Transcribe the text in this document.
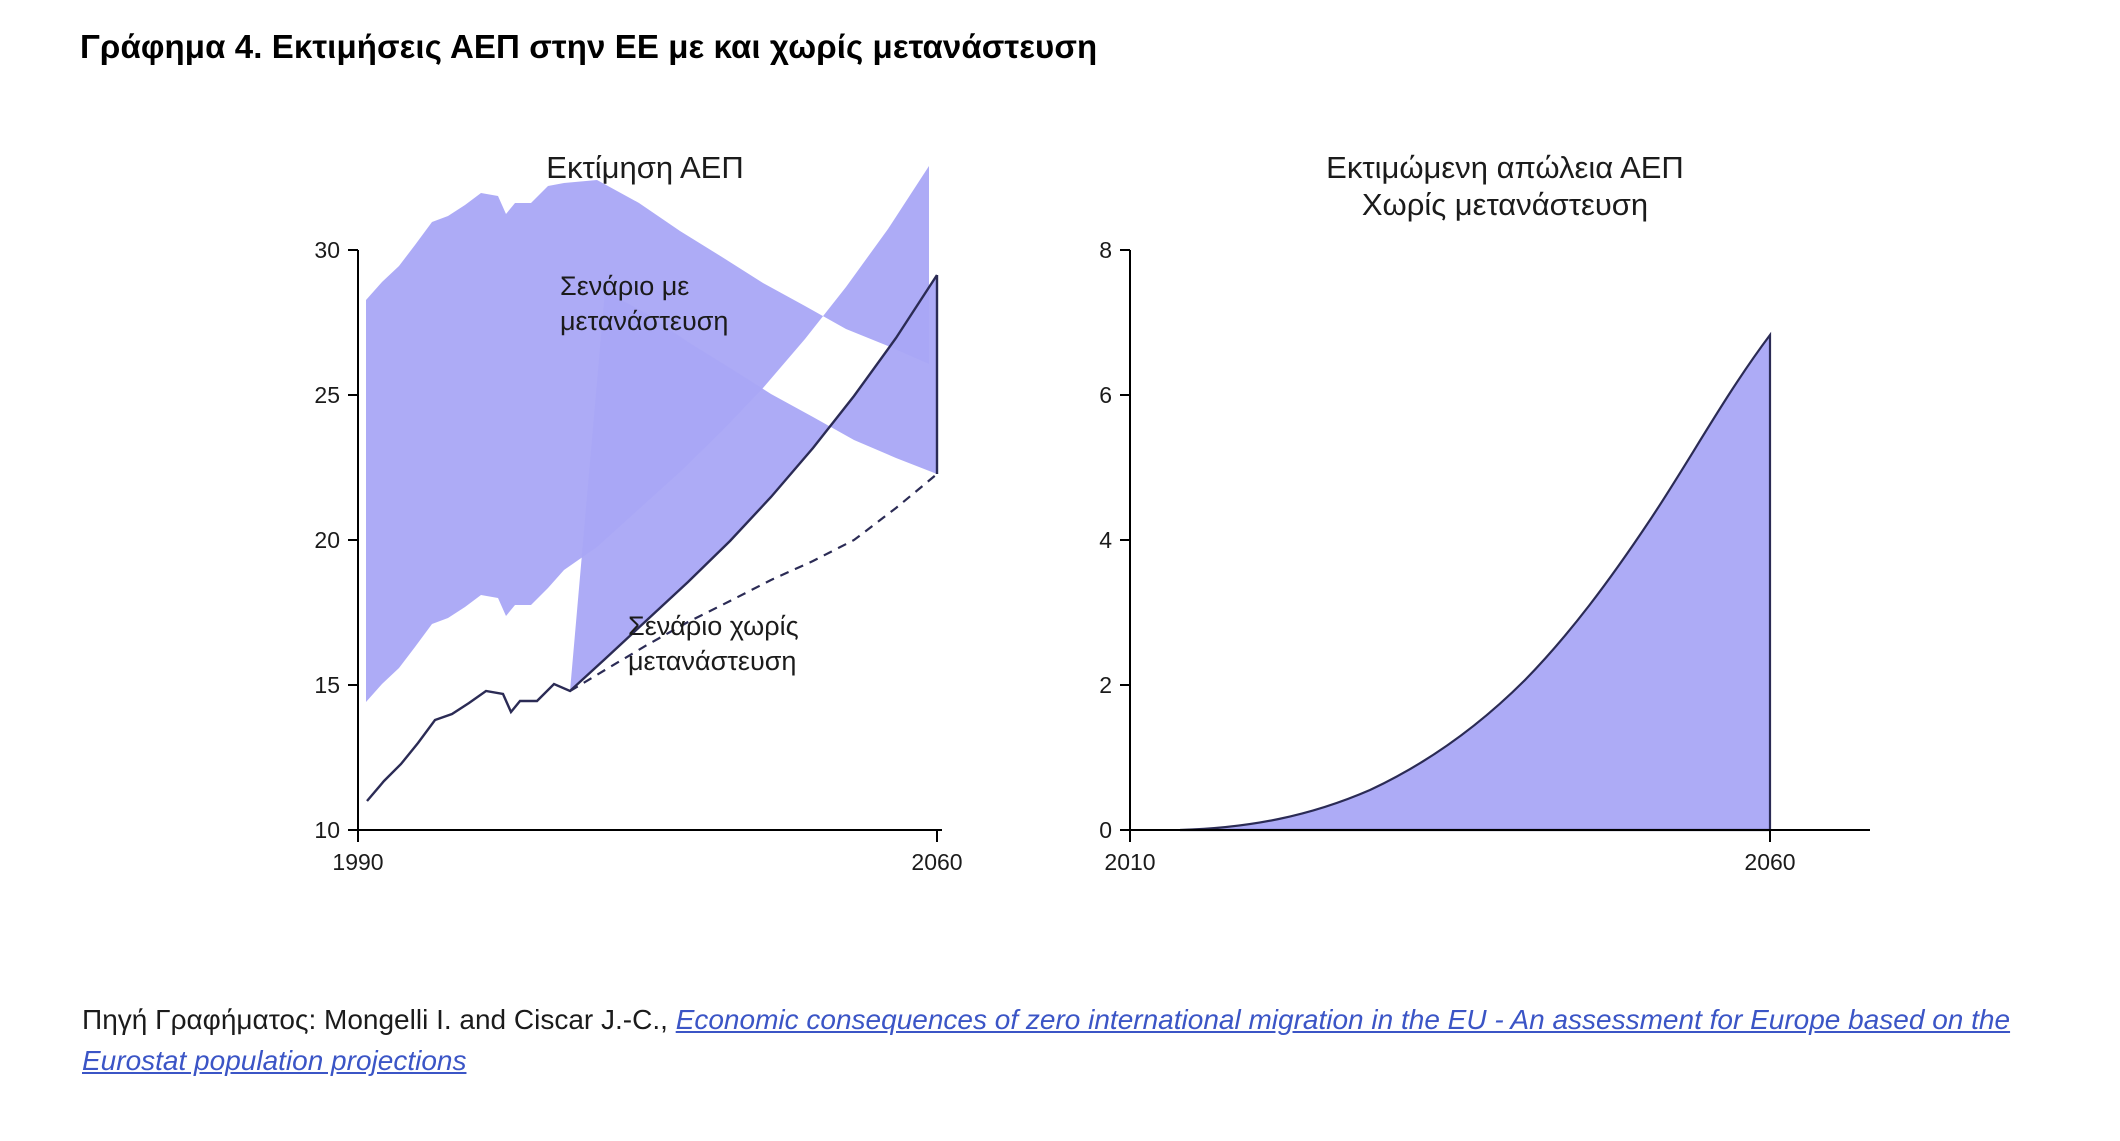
Γράφημα 4. Εκτιμήσεις ΑΕΠ στην ΕΕ με και χωρίς μετανάστευση
Εκτίμηση ΑΕΠ
10
15
20
25
30
1990	2060
Σενάριο με
μετανάστευση
Σενάριο χωρίς
μετανάστευση
Εκτιμώμενη απώλεια ΑΕΠ
Χωρίς μετανάστευση
0
2
4
6
8
2010	2060
Πηγή Γραφήματος: Mongelli I. and Ciscar J.-C., Economic consequences of zero international migration in the EU - An assessment for Europe based on the Eurostat population projections
